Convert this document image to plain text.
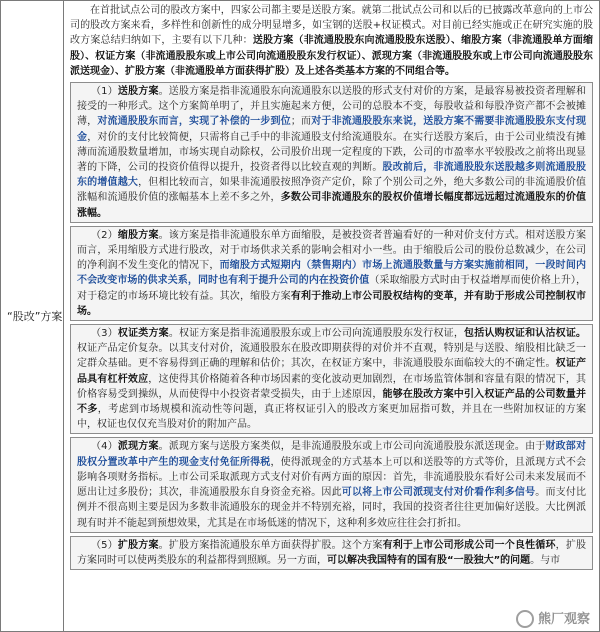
“股改”方案

在首批试点公司的股改方案中，四家公司都主要是送股方案。就第二批试点公司和以后的已披露改革意向的上市公司的股改方案来看，多样性和创新性的成分明显增多，如宝钢的送股+权证模式。对目前已经实施或正在研究实施的股改方案总结归纳如下，主要有以下几种：送股方案（非流通股股东向流通股股东送股）、缩股方案（非流通股单方面缩股）、权证方案（非流通股股东或上市公司向流通股股东发行权证）、派现方案（非流通股股东或上市公司向流通股股东派送现金）、扩股方案（非流通股单方面获得扩股）及上述各类基本方案的不同组合等。

（1）送股方案。送股方案是指非流通股东向流通股东以送股的形式支付对价的方案，是最容易被投资者理解和接受的一种形式。这个方案简单明了，并且实施起来方便，公司的总股本不变，每股收益和每股净资产都不会被摊薄，对流通股股东而言，实现了补偿的一步到位；而对于非流通股股东来说，送股方案不需要非流通股股东支付现金，对价的支付比较简便，只需将自己手中的非流通股支付给流通股东。在实行送股方案后，由于公司业绩没有摊薄而流通股数量增加，市场实现自动除权，公司股价出现一定程度的下跌，公司的市盈率水平较股改之前将出现显著的下降，公司的投资价值得以提升，投资者得以比较直观的判断。股改前后，非流通股股东送股越多则流通股股东的增值越大，但相比较而言，如果非流通股按照净资产定价，除了个别公司之外，绝大多数公司的非流通股价值涨幅和流通股价值的涨幅基本上差不多之外，多数公司非流通股东的股权价值增长幅度都远远超过流通股东的价值涨幅。

（2）缩股方案。该方案是指非流通股东单方面缩股，是被投资者普遍看好的一种对价支付方式。相对送股方案而言，采用缩股方式进行股改，对于市场供求关系的影响会相对小一些。由于缩股后公司的股份总数减少，在公司的净利润不发生变化的情况下，而缩股方式短期内（禁售期内）市场上流通股数量与方案实施前相同，一段时间内不会改变市场的供求关系，同时也有利于提升公司的内在投资价值（采取缩股方式时由于权益增厚而使价格上升），对于稳定的市场环境比较有益。其次，缩股方案有利于推动上市公司股权结构的变革，并有助于形成公司控制权市场。

（3）权证类方案。权证方案是指非流通股股东或上市公司向流通股股东发行权证，包括认购权证和认沽权证。权证产品定价复杂。以其支付对价，流通股股东在股改即期获得的对价并不直观，特别是与送股、缩股相比缺乏一定群众基础。更不容易得到正确的理解和估价；其次，在权证方案中，非流通股股东面临较大的不确定性。权证产品具有杠杆效应，这使得其价格随着各种市场因素的变化波动更加剧烈，在市场监管体制和容量有限的情况下，其价格容易受到操纵，从而使得中小投资者蒙受损失，由于上述原因，能够在股改方案中引入权证产品的公司数量并不多，考虑到市场规模和流动性等问题，真正将权证引入的股改方案更加屈指可数，并且在一些附加权证的方案中，权证也仅仅充当股对价的附加产品。

（4）派现方案。派现方案与送股方案类似，是非流通股股东或上市公司向流通股股东派送现金。由于财政部对股权分置改革中产生的现金支付免征所得税，使得派现金的方式基本上可以和送股等的方式等价，且派现方式不会影响各项财务指标。上市公司采取派现方式支付对价有两方面的原因：首先，非流通股股东看好公司未来发展而不愿出让过多股份；其次，非流通股股东自身资金充裕。因此可以将上市公司派现支付对价看作利多信号。而支付比例并不很高则主要是因为多数非流通股东的现金并不特别充裕，同时，我国的投资者往往更加偏好送股。大比例派现有时并不能起到预想效果，尤其是在市场低迷的情况下，这种利多效应往往会打折扣。

（5）扩股方案。扩股方案指流通股东单方面获得扩股。这个方案有利于上市公司形成公司一个良性循环，扩股方案同时可以使两类股东的利益都得到照顾。另一方面，可以解决我国特有的国有股“一股独大”的问题。与市

熊厂观察
